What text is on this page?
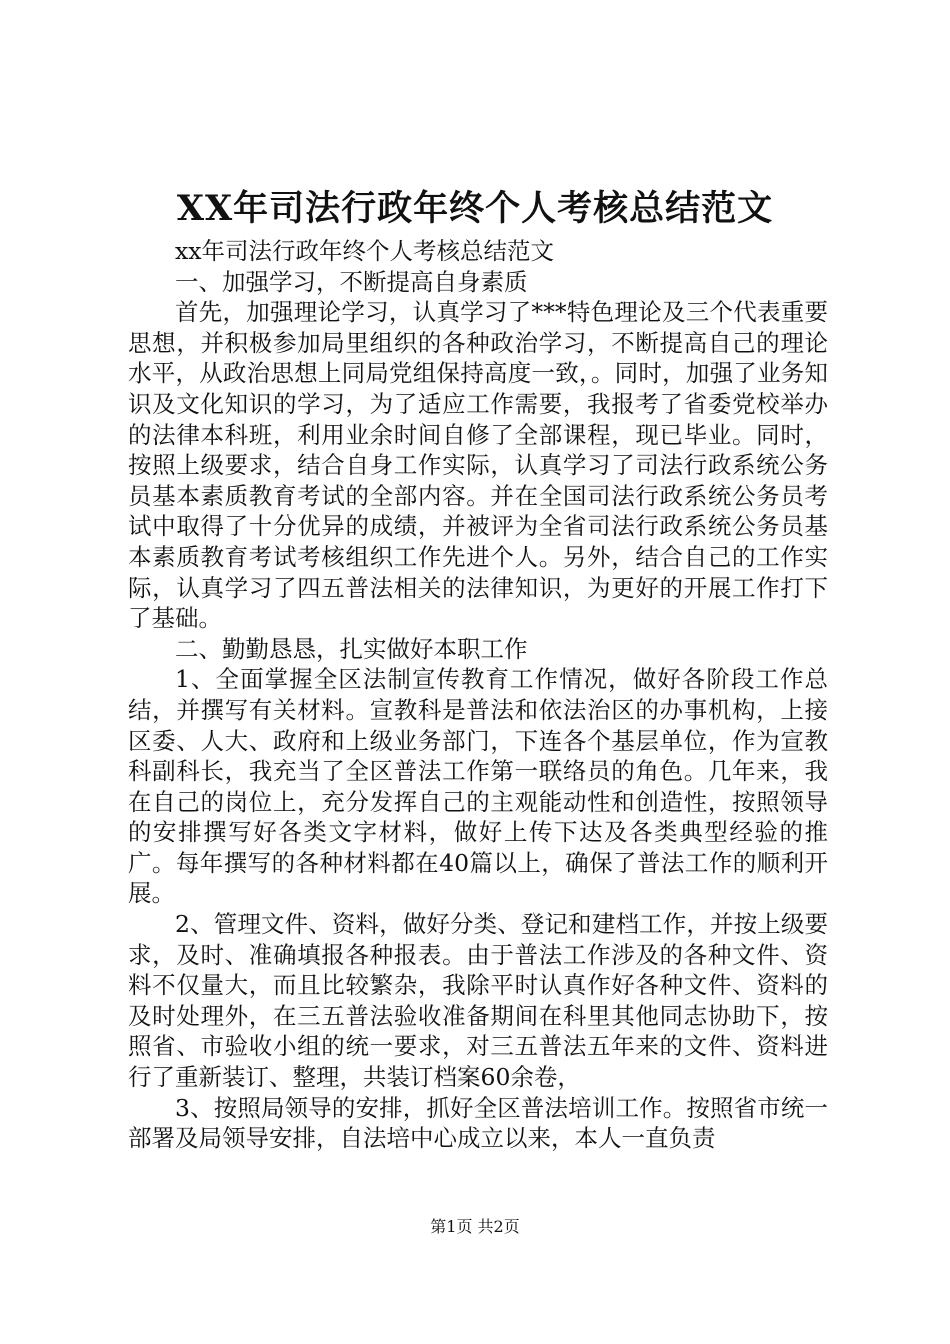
XX年司法行政年终个人考核总结范文

xx年司法行政年终个人考核总结范文

一、加强学习，不断提高自身素质

首先，加强理论学习，认真学习了***特色理论及三个代表重要思想，并积极参加局里组织的各种政治学习，不断提高自己的理论水平，从政治思想上同局党组保持高度一致，。同时，加强了业务知识及文化知识的学习，为了适应工作需要，我报考了省委党校举办的法律本科班，利用业余时间自修了全部课程，现已毕业。同时，按照上级要求，结合自身工作实际，认真学习了司法行政系统公务员基本素质教育考试的全部内容。并在全国司法行政系统公务员考试中取得了十分优异的成绩，并被评为全省司法行政系统公务员基本素质教育考试考核组织工作先进个人。另外，结合自己的工作实际，认真学习了四五普法相关的法律知识，为更好的开展工作打下了基础。

二、勤勤恳恳，扎实做好本职工作

1、全面掌握全区法制宣传教育工作情况，做好各阶段工作总结，并撰写有关材料。宣教科是普法和依法治区的办事机构，上接区委、人大、政府和上级业务部门，下连各个基层单位，作为宣教科副科长，我充当了全区普法工作第一联络员的角色。几年来，我在自己的岗位上，充分发挥自己的主观能动性和创造性，按照领导的安排撰写好各类文字材料，做好上传下达及各类典型经验的推广。每年撰写的各种材料都在40篇以上，确保了普法工作的顺利开展。

2、管理文件、资料，做好分类、登记和建档工作，并按上级要求，及时、准确填报各种报表。由于普法工作涉及的各种文件、资料不仅量大，而且比较繁杂，我除平时认真作好各种文件、资料的及时处理外，在三五普法验收准备期间在科里其他同志协助下，按照省、市验收小组的统一要求，对三五普法五年来的文件、资料进行了重新装订、整理，共装订档案60余卷，

3、按照局领导的安排，抓好全区普法培训工作。按照省市统一部署及局领导安排，自法培中心成立以来，本人一直负责

第1页 共2页
